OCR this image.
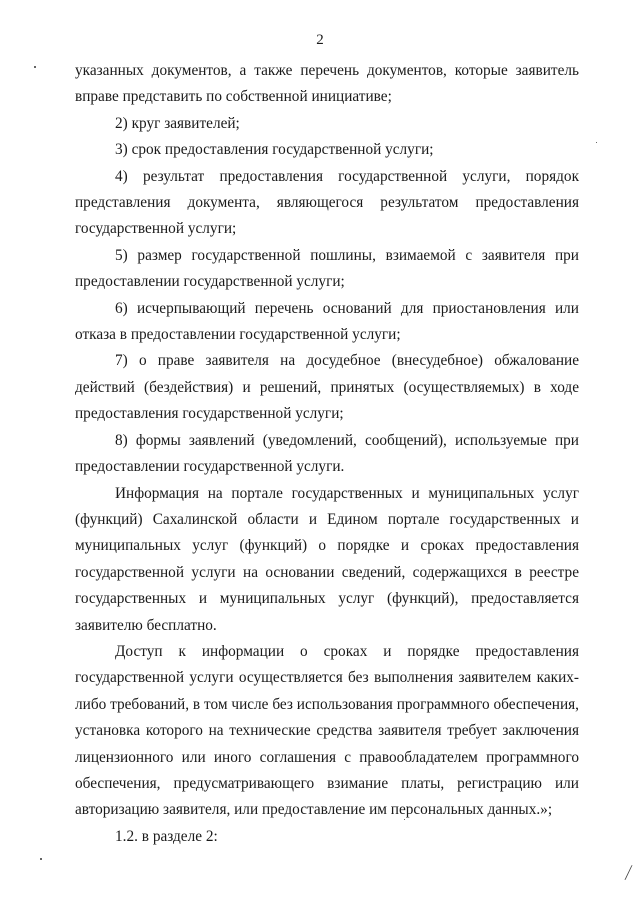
2

указанных документов, а также перечень документов, которые заявитель вправе представить по собственной инициативе;

2) круг заявителей;

3) срок предоставления государственной услуги;

4) результат предоставления государственной услуги, порядок представления документа, являющегося результатом предоставления государственной услуги;

5) размер государственной пошлины, взимаемой с заявителя при предоставлении государственной услуги;

6) исчерпывающий перечень оснований для приостановления или отказа в предоставлении государственной услуги;

7) о праве заявителя на досудебное (внесудебное) обжалование действий (бездействия) и решений, принятых (осуществляемых) в ходе предоставления государственной услуги;

8) формы заявлений (уведомлений, сообщений), используемые при предоставлении государственной услуги.

Информация на портале государственных и муниципальных услуг (функций) Сахалинской области и Едином портале государственных и муниципальных услуг (функций) о порядке и сроках предоставления государственной услуги на основании сведений, содержащихся в реестре государственных и муниципальных услуг (функций), предоставляется заявителю бесплатно.

Доступ к информации о сроках и порядке предоставления государственной услуги осуществляется без выполнения заявителем каких-либо требований, в том числе без использования программного обеспечения, установка которого на технические средства заявителя требует заключения лицензионного или иного соглашения с правообладателем программного обеспечения, предусматривающего взимание платы, регистрацию или авторизацию заявителя, или предоставление им персональных данных.»;

1.2. в разделе 2:

⁄
